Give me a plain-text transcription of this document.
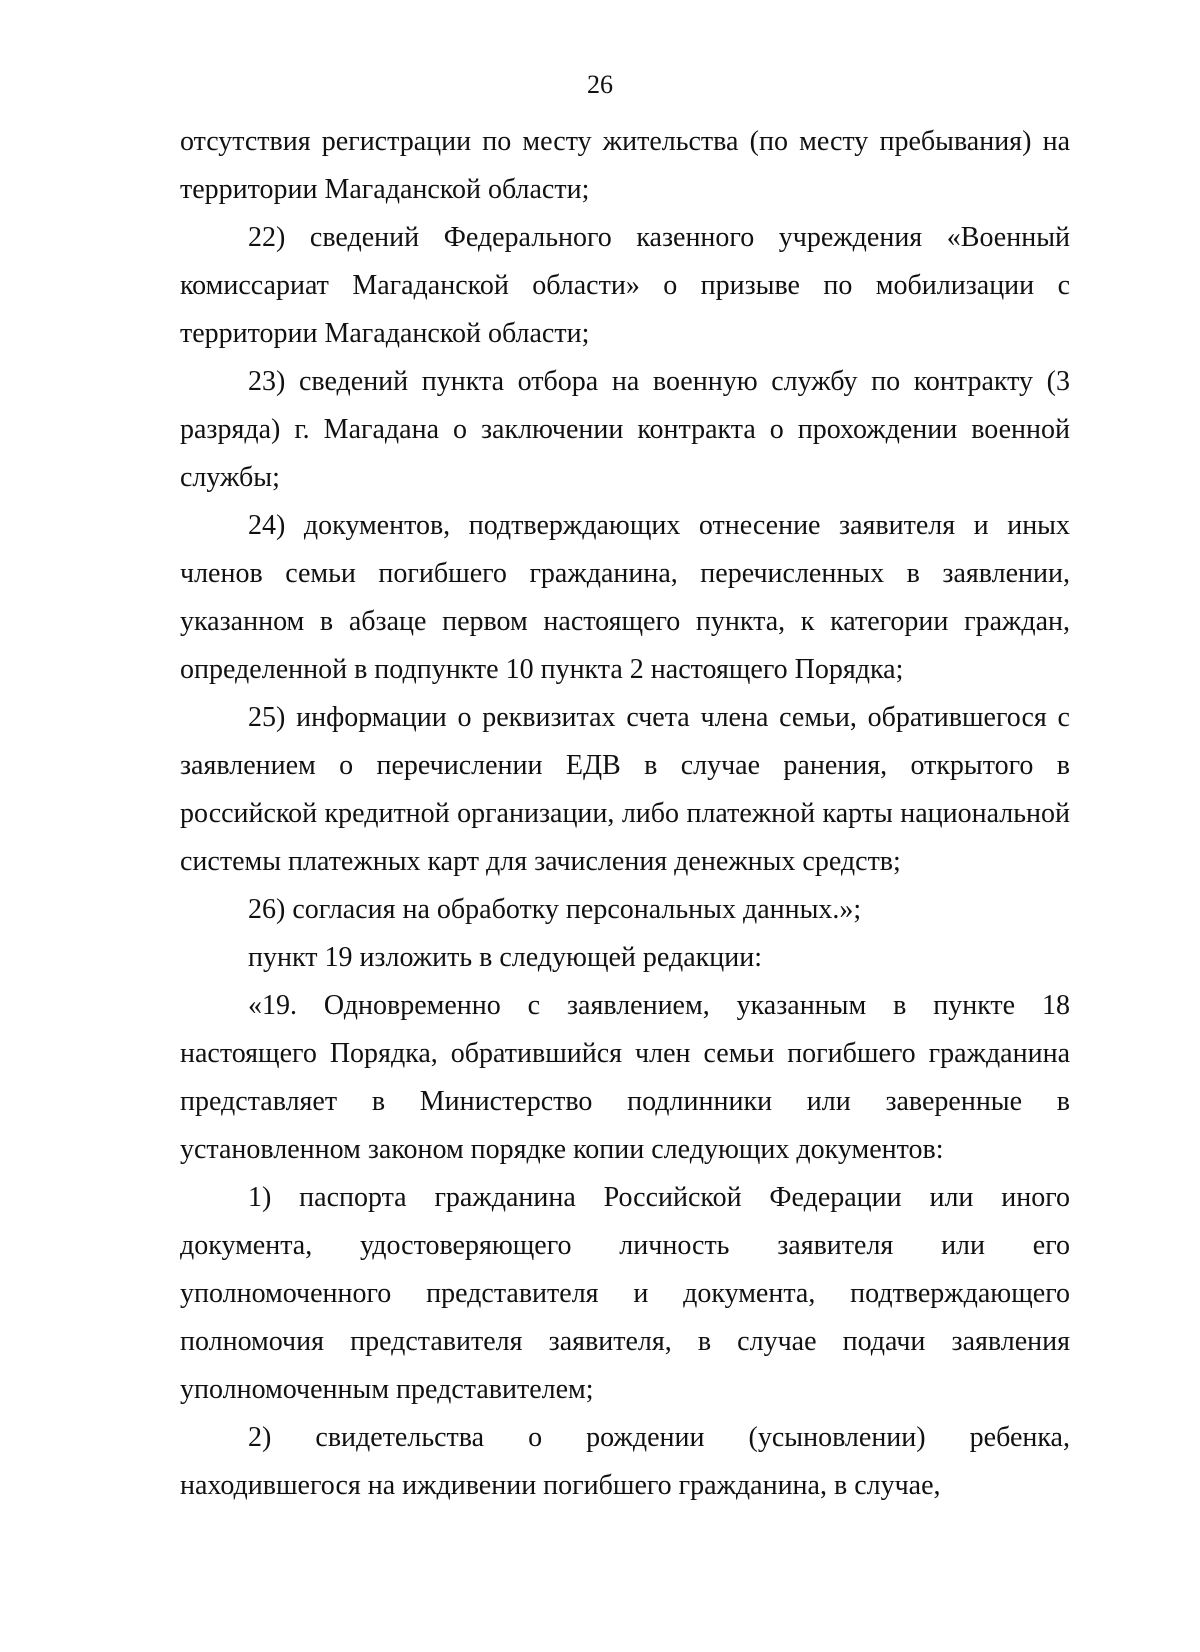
26

отсутствия регистрации по месту жительства (по месту пребывания) на территории Магаданской области;

22) сведений Федерального казенного учреждения «Военный комиссариат Магаданской области» о призыве по мобилизации с территории Магаданской области;

23) сведений пункта отбора на военную службу по контракту (3 разряда) г. Магадана о заключении контракта о прохождении военной службы;

24) документов, подтверждающих отнесение заявителя и иных членов семьи погибшего гражданина, перечисленных в заявлении, указанном в абзаце первом настоящего пункта, к категории граждан, определенной в подпункте 10 пункта 2 настоящего Порядка;

25) информации о реквизитах счета члена семьи, обратившегося с заявлением о перечислении ЕДВ в случае ранения, открытого в российской кредитной организации, либо платежной карты национальной системы платежных карт для зачисления денежных средств;

26) согласия на обработку персональных данных.»;

пункт 19 изложить в следующей редакции:

«19. Одновременно с заявлением, указанным в пункте 18 настоящего Порядка, обратившийся член семьи погибшего гражданина представляет в Министерство подлинники или заверенные в установленном законом порядке копии следующих документов:

1) паспорта гражданина Российской Федерации или иного документа, удостоверяющего личность заявителя или его уполномоченного представителя и документа, подтверждающего полномочия представителя заявителя, в случае подачи заявления уполномоченным представителем;

2) свидетельства о рождении (усыновлении) ребенка, находившегося на иждивении погибшего гражданина, в случае,
